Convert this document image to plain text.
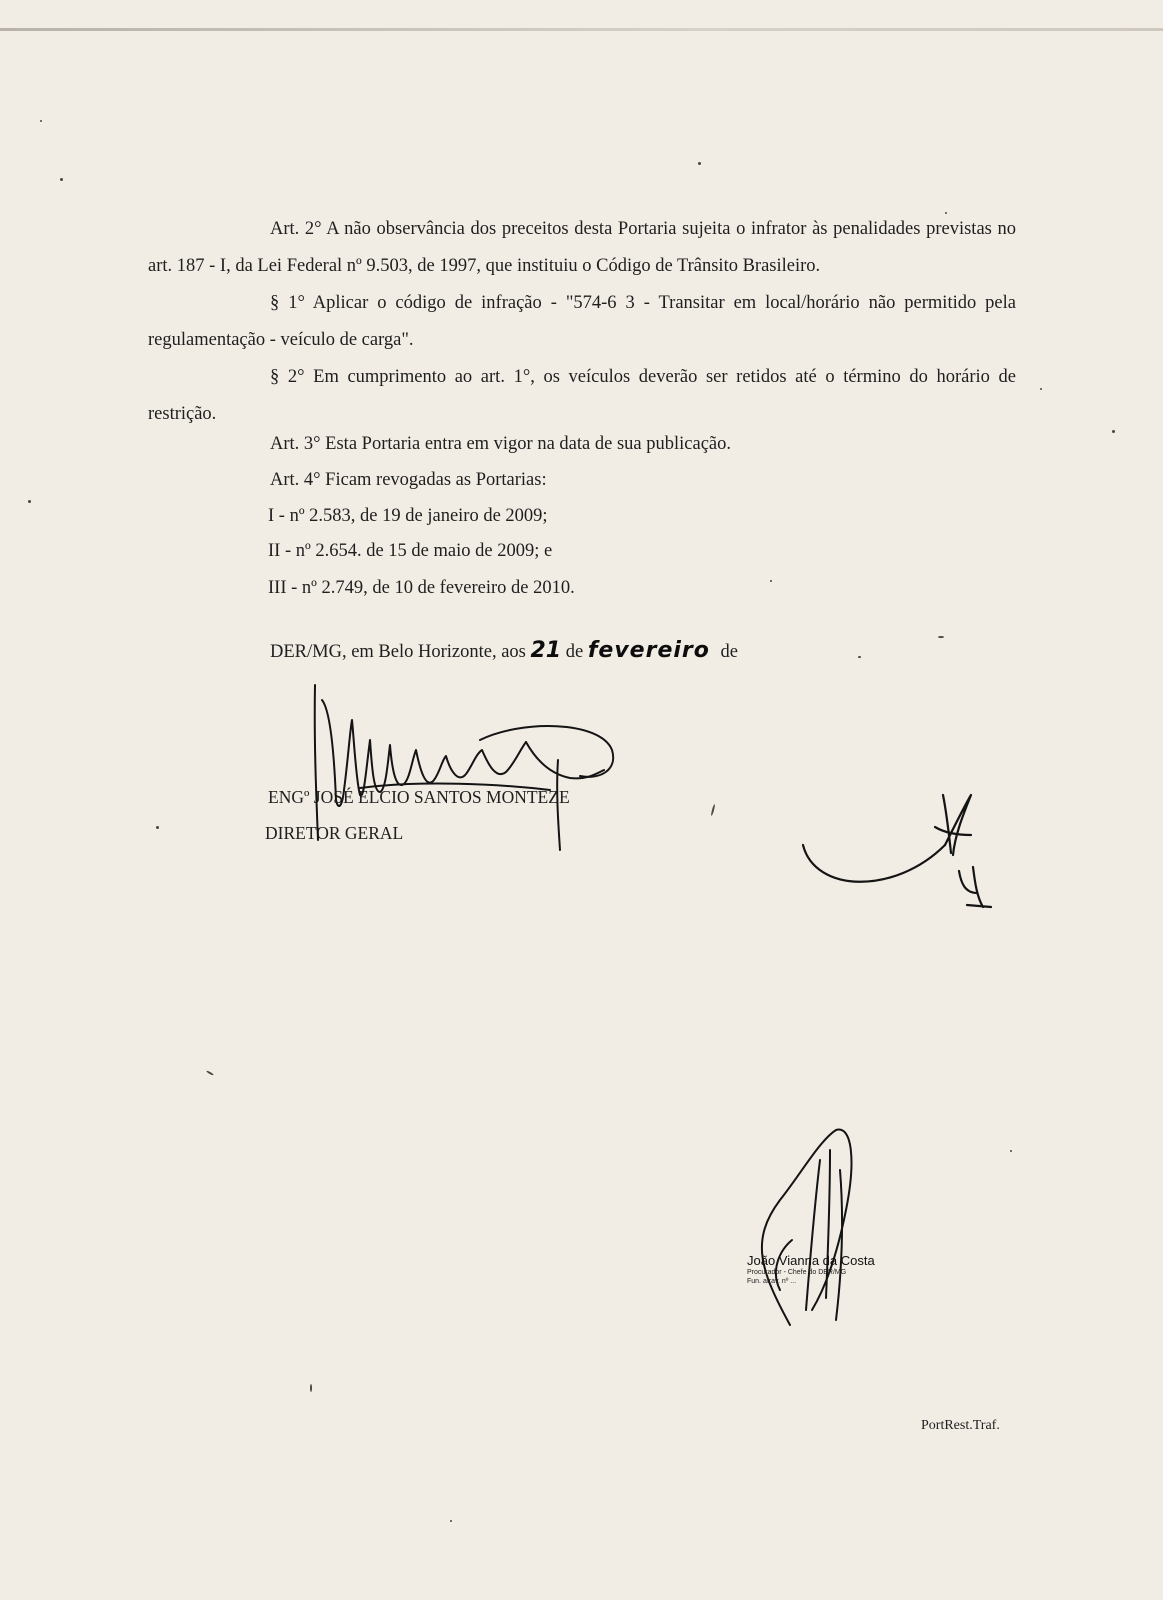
Art. 2° A não observância dos preceitos desta Portaria sujeita o infrator às penalidades previstas no art. 187 - I, da Lei Federal nº 9.503, de 1997, que instituiu o Código de Trânsito Brasileiro.
§ 1° Aplicar o código de infração - "574-6 3 - Transitar em local/horário não permitido pela regulamentação - veículo de carga".
§ 2° Em cumprimento ao art. 1°, os veículos deverão ser retidos até o término do horário de restrição.
Art. 3° Esta Portaria entra em vigor na data de sua publicação.
Art. 4° Ficam revogadas as Portarias:
I - nº 2.583, de 19 de janeiro de 2009;
II - nº 2.654. de 15 de maio de 2009; e
III - nº 2.749, de 10 de fevereiro de 2010.
DER/MG, em Belo Horizonte, aos 21 de fevereiro de
ENGº JOSÉ ÉLCIO SANTOS MONTEZE
DIRETOR GERAL
João Vianna da Costa
Procurador - Chefe do DER/MG
Fun. atrav. nº ...
PortRest.Traf.
